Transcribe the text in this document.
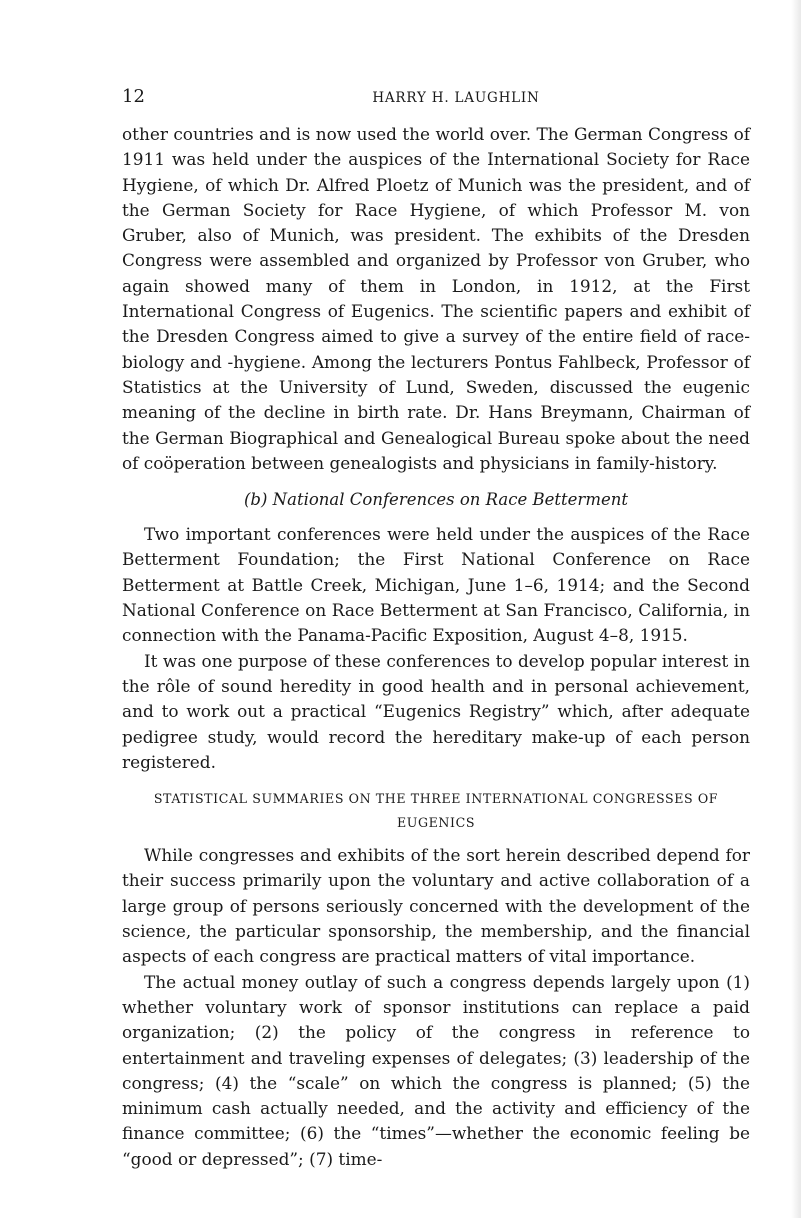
12	HARRY H. LAUGHLIN

other countries and is now used the world over. The German Congress of 1911 was held under the auspices of the International Society for Race Hygiene, of which Dr. Alfred Ploetz of Munich was the president, and of the German Society for Race Hygiene, of which Professor M. von Gruber, also of Munich, was president. The exhibits of the Dresden Congress were assembled and organized by Professor von Gruber, who again showed many of them in London, in 1912, at the First International Congress of Eugenics. The scientific papers and exhibit of the Dresden Congress aimed to give a survey of the entire field of race-biology and -hygiene. Among the lecturers Pontus Fahlbeck, Professor of Statistics at the University of Lund, Sweden, discussed the eugenic meaning of the decline in birth rate. Dr. Hans Breymann, Chairman of the German Biographical and Genealogical Bureau spoke about the need of coöperation between genealogists and physicians in family-history.

(b) National Conferences on Race Betterment

Two important conferences were held under the auspices of the Race Betterment Foundation; the First National Conference on Race Betterment at Battle Creek, Michigan, June 1–6, 1914; and the Second National Conference on Race Betterment at San Francisco, California, in connection with the Panama-Pacific Exposition, August 4–8, 1915.

It was one purpose of these conferences to develop popular interest in the rôle of sound heredity in good health and in personal achievement, and to work out a practical “Eugenics Registry” which, after adequate pedigree study, would record the hereditary make-up of each person registered.

STATISTICAL SUMMARIES ON THE THREE INTERNATIONAL CONGRESSES OF EUGENICS

While congresses and exhibits of the sort herein described depend for their success primarily upon the voluntary and active collaboration of a large group of persons seriously concerned with the development of the science, the particular sponsorship, the membership, and the financial aspects of each congress are practical matters of vital importance.

The actual money outlay of such a congress depends largely upon (1) whether voluntary work of sponsor institutions can replace a paid organization; (2) the policy of the congress in reference to entertainment and traveling expenses of delegates; (3) leadership of the congress; (4) the “scale” on which the congress is planned; (5) the minimum cash actually needed, and the activity and efficiency of the finance committee; (6) the “times”—whether the economic feeling be “good or depressed”; (7) time-
